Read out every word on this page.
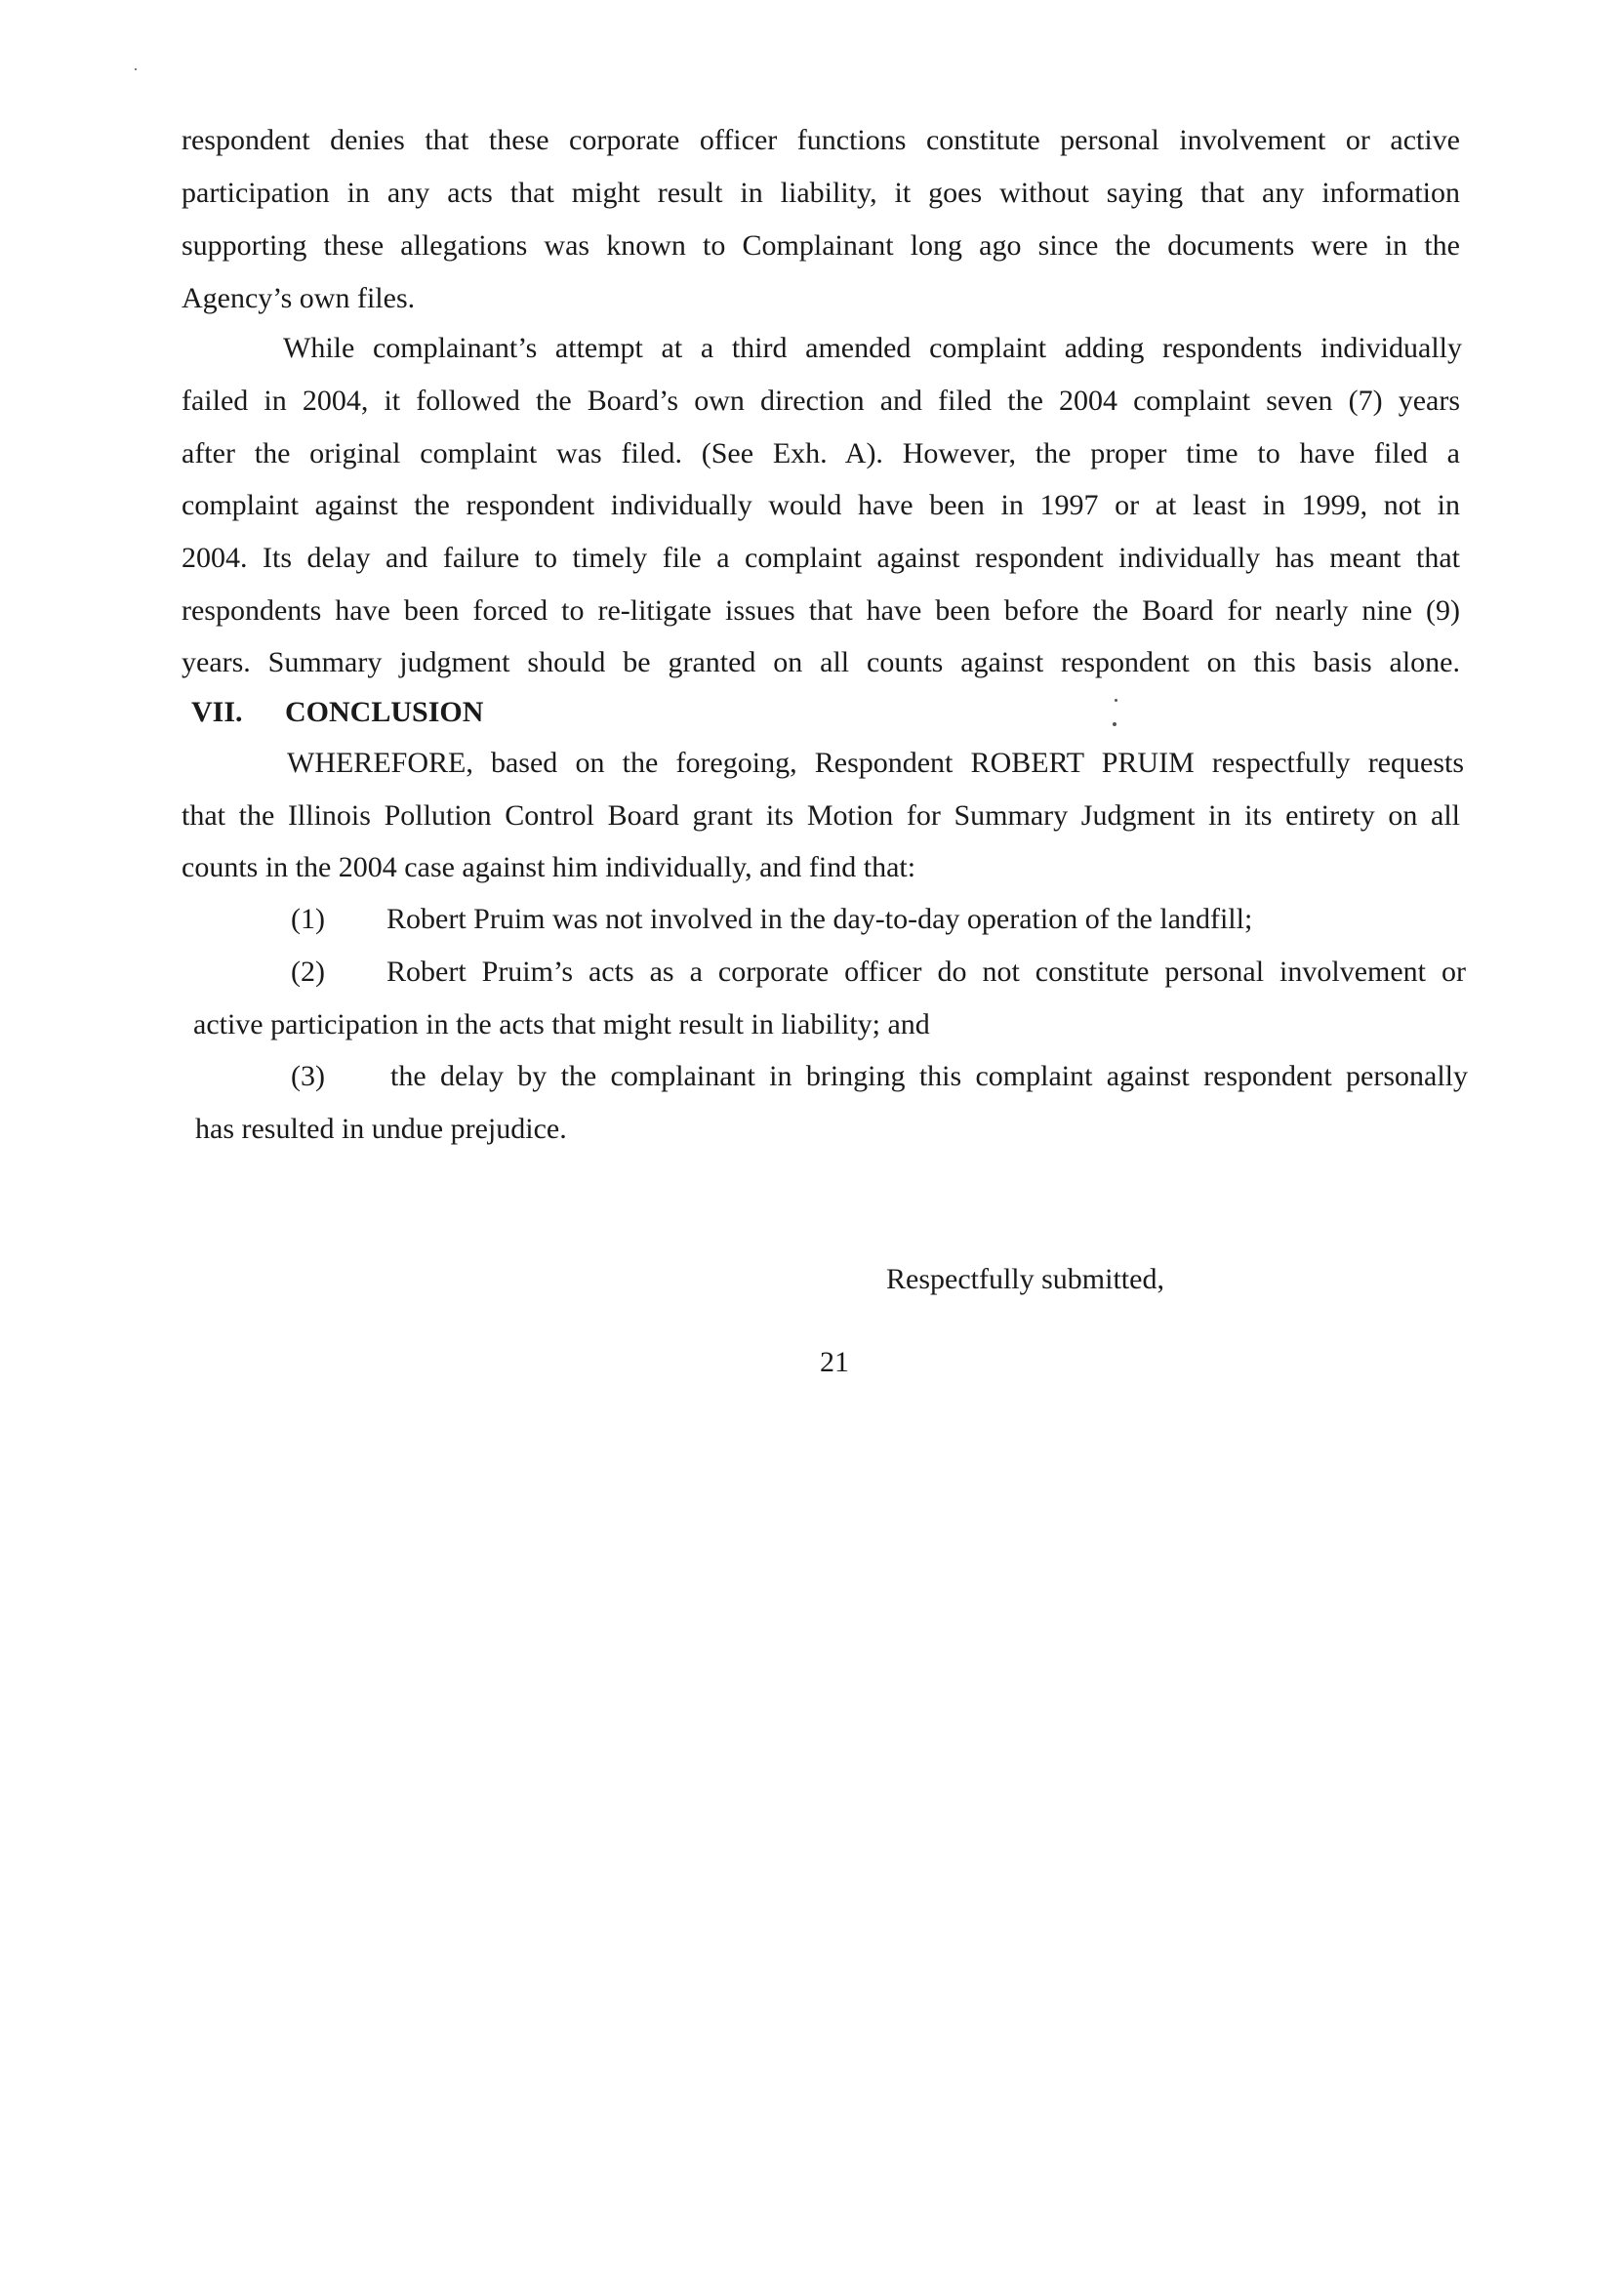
respondent denies that these corporate officer functions constitute personal involvement or active
participation in any acts that might result in liability, it goes without saying that any information
supporting these allegations was known to Complainant long ago since the documents were in the
Agency’s own files.
While complainant’s attempt at a third amended complaint adding respondents individually
failed in 2004, it followed the Board’s own direction and filed the 2004 complaint seven (7) years
after the original complaint was filed. (See Exh. A). However, the proper time to have filed a
complaint against the respondent individually would have been in 1997 or at least in 1999, not in
2004. Its delay and failure to timely file a complaint against respondent individually has meant that
respondents have been forced to re-litigate issues that have been before the Board for nearly nine (9)
years. Summary judgment should be granted on all counts against respondent on this basis alone.
VII. CONCLUSION
WHEREFORE, based on the foregoing, Respondent ROBERT PRUIM respectfully requests
that the Illinois Pollution Control Board grant its Motion for Summary Judgment in its entirety on all
counts in the 2004 case against him individually, and find that:
(1) Robert Pruim was not involved in the day-to-day operation of the landfill;
(2) Robert Pruim’s acts as a corporate officer do not constitute personal involvement or
active participation in the acts that might result in liability; and
(3) the delay by the complainant in bringing this complaint against respondent personally
has resulted in undue prejudice.
Respectfully submitted,
21
